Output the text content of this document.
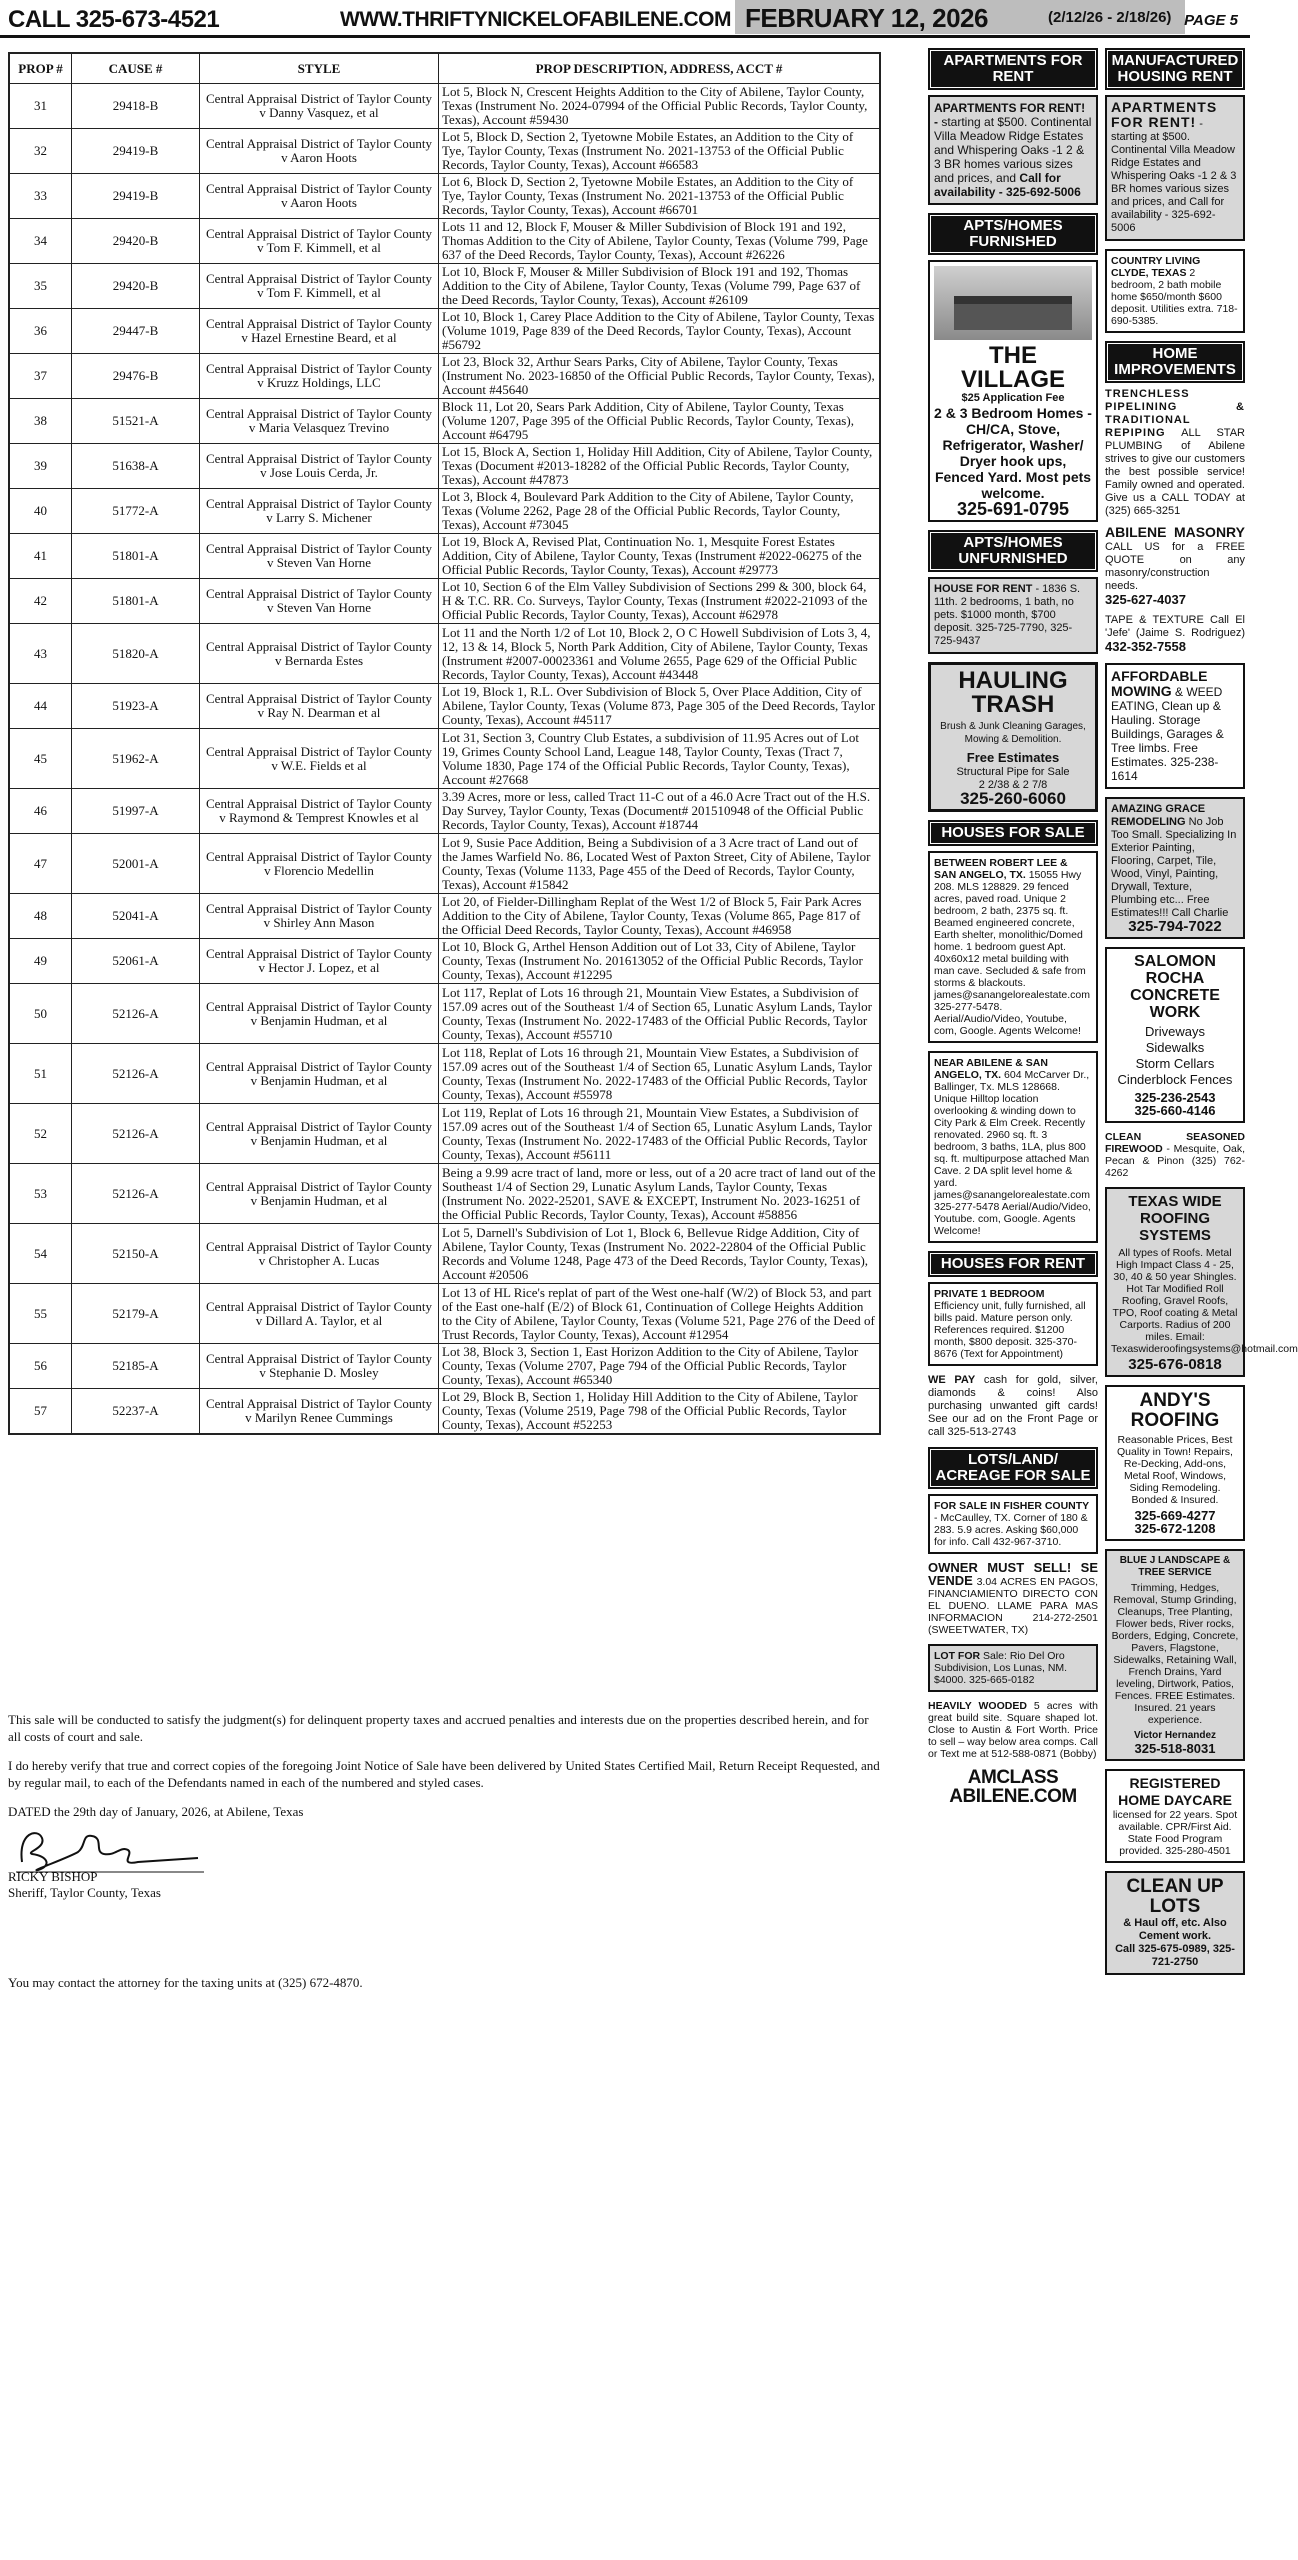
CALL 325-673-4521	WWW.THRIFTYNICKELOFABILENE.COM FEBRUARY 12, 2026	(2/12/26 - 2/18/26) PAGE 5
PROP #	CAUSE #	STYLE	PROP DESCRIPTION, ADDRESS, ACCT #
31	29418-B	Central Appraisal District of Taylor County v Danny Vasquez, et al	Lot 5, Block N, Crescent Heights Addition to the City of Abilene, Taylor County, Texas (Instrument No. 2024-07994 of the Official Public Records, Taylor County, Texas), Account #59430
32	29419-B	Central Appraisal District of Taylor County v Aaron Hoots	Lot 5, Block D, Section 2, Tyetowne Mobile Estates, an Addition to the City of Tye, Taylor County, Texas (Instrument No. 2021-13753 of the Official Public Records, Taylor County, Texas), Account #66583
33	29419-B	Central Appraisal District of Taylor County v Aaron Hoots	Lot 6, Block D, Section 2, Tyetowne Mobile Estates, an Addition to the City of Tye, Taylor County, Texas (Instrument No. 2021-13753 of the Official Public Records, Taylor County, Texas), Account #66701
34	29420-B	Central Appraisal District of Taylor County v Tom F. Kimmell, et al	Lots 11 and 12, Block F, Mouser & Miller Subdivision of Block 191 and 192, Thomas Addition to the City of Abilene, Taylor County, Texas (Volume 799, Page 637 of the Deed Records, Taylor County, Texas), Account #26226
35	29420-B	Central Appraisal District of Taylor County v Tom F. Kimmell, et al	Lot 10, Block F, Mouser & Miller Subdivision of Block 191 and 192, Thomas Addition to the City of Abilene, Taylor County, Texas (Volume 799, Page 637 of the Deed Records, Taylor County, Texas), Account #26109
36	29447-B	Central Appraisal District of Taylor County v Hazel Ernestine Beard, et al	Lot 10, Block 1, Carey Place Addition to the City of Abilene, Taylor County, Texas (Volume 1019, Page 839 of the Deed Records, Taylor County, Texas), Account #56792
37	29476-B	Central Appraisal District of Taylor County v Kruzz Holdings, LLC	Lot 23, Block 32, Arthur Sears Parks, City of Abilene, Taylor County, Texas (Instrument No. 2023-16850 of the Official Public Records, Taylor County, Texas), Account #45640
38	51521-A	Central Appraisal District of Taylor County v Maria Velasquez Trevino	Block 11, Lot 20, Sears Park Addition, City of Abilene, Taylor County, Texas (Volume 1207, Page 395 of the Official Public Records, Taylor County, Texas), Account #64795
39	51638-A	Central Appraisal District of Taylor County v Jose Louis Cerda, Jr.	Lot 15, Block A, Section 1, Holiday Hill Addition, City of Abilene, Taylor County, Texas (Document #2013-18282 of the Official Public Records, Taylor County, Texas), Account #47873
40	51772-A	Central Appraisal District of Taylor County v Larry S. Michener	Lot 3, Block 4, Boulevard Park Addition to the City of Abilene, Taylor County, Texas (Volume 2262, Page 28 of the Official Public Records, Taylor County, Texas), Account #73045
41	51801-A	Central Appraisal District of Taylor County v Steven Van Horne	Lot 19, Block A, Revised Plat, Continuation No. 1, Mesquite Forest Estates Addition, City of Abilene, Taylor County, Texas (Instrument #2022-06275 of the Official Public Records, Taylor County, Texas), Account #29773
42	51801-A	Central Appraisal District of Taylor County v Steven Van Horne	Lot 10, Section 6 of the Elm Valley Subdivision of Sections 299 & 300, block 64, H & T.C. RR. Co. Surveys, Taylor County, Texas (Instrument #2022-21093 of the Official Public Records, Taylor County, Texas), Account #62978
43	51820-A	Central Appraisal District of Taylor County v Bernarda Estes	Lot 11 and the North 1/2 of Lot 10, Block 2, O C Howell Subdivision of Lots 3, 4, 12, 13 & 14, Block 5, North Park Addition, City of Abilene, Taylor County, Texas (Instrument #2007-00023361 and Volume 2655, Page 629 of the Official Public Records, Taylor County, Texas), Account #43448
44	51923-A	Central Appraisal District of Taylor County v Ray N. Dearman et al	Lot 19, Block 1, R.L. Over Subdivision of Block 5, Over Place Addition, City of Abilene, Taylor County, Texas (Volume 873, Page 305 of the Deed Records, Taylor County, Texas), Account #45117
45	51962-A	Central Appraisal District of Taylor County v W.E. Fields et al	Lot 31, Section 3, Country Club Estates, a subdivision of 11.95 Acres out of Lot 19, Grimes County School Land, League 148, Taylor County, Texas (Tract 7, Volume 1830, Page 174 of the Official Public Records, Taylor County, Texas), Account #27668
46	51997-A	Central Appraisal District of Taylor County v Raymond & Temprest Knowles et al	3.39 Acres, more or less, called Tract 11-C out of a 46.0 Acre Tract out of the H.S. Day Survey, Taylor County, Texas (Document# 201510948 of the Official Public Records, Taylor County, Texas), Account #18744
47	52001-A	Central Appraisal District of Taylor County v Florencio Medellin	Lot 9, Susie Pace Addition, Being a Subdivision of a 3 Acre tract of Land out of the James Warfield No. 86, Located West of Paxton Street, City of Abilene, Taylor County, Texas (Volume 1133, Page 455 of the Deed of Records, Taylor County, Texas), Account #15842
48	52041-A	Central Appraisal District of Taylor County v Shirley Ann Mason	Lot 20, of Fielder-Dillingham Replat of the West 1/2 of Block 5, Fair Park Acres Addition to the City of Abilene, Taylor County, Texas (Volume 865, Page 817 of the Official Deed Records, Taylor County, Texas), Account #46958
49	52061-A	Central Appraisal District of Taylor County v Hector J. Lopez, et al	Lot 10, Block G, Arthel Henson Addition out of Lot 33, City of Abilene, Taylor County, Texas (Instrument No. 201613052 of the Official Public Records, Taylor County, Texas), Account #12295
50	52126-A	Central Appraisal District of Taylor County v Benjamin Hudman, et al	Lot 117, Replat of Lots 16 through 21, Mountain View Estates, a Subdivision of 157.09 acres out of the Southeast 1/4 of Section 65, Lunatic Asylum Lands, Taylor County, Texas (Instrument No. 2022-17483 of the Official Public Records, Taylor County, Texas), Account #55710
51	52126-A	Central Appraisal District of Taylor County v Benjamin Hudman, et al	Lot 118, Replat of Lots 16 through 21, Mountain View Estates, a Subdivision of 157.09 acres out of the Southeast 1/4 of Section 65, Lunatic Asylum Lands, Taylor County, Texas (Instrument No. 2022-17483 of the Official Public Records, Taylor County, Texas), Account #55978
52	52126-A	Central Appraisal District of Taylor County v Benjamin Hudman, et al	Lot 119, Replat of Lots 16 through 21, Mountain View Estates, a Subdivision of 157.09 acres out of the Southeast 1/4 of Section 65, Lunatic Asylum Lands, Taylor County, Texas (Instrument No. 2022-17483 of the Official Public Records, Taylor County, Texas), Account #56111
53	52126-A	Central Appraisal District of Taylor County v Benjamin Hudman, et al	Being a 9.99 acre tract of land, more or less, out of a 20 acre tract of land out of the Southeast 1/4 of Section 29, Lunatic Asylum Lands, Taylor County, Texas (Instrument No. 2022-25201, SAVE & EXCEPT, Instrument No. 2023-16251 of the Official Public Records, Taylor County, Texas), Account #58856
54	52150-A	Central Appraisal District of Taylor County v Christopher A. Lucas	Lot 5, Darnell's Subdivision of Lot 1, Block 6, Bellevue Ridge Addition, City of Abilene, Taylor County, Texas (Instrument No. 2022-22804 of the Official Public Records and Volume 1248, Page 473 of the Deed Records, Taylor County, Texas), Account #20506
55	52179-A	Central Appraisal District of Taylor County v Dillard A. Taylor, et al	Lot 13 of HL Rice's replat of part of the West one-half (W/2) of Block 53, and part of the East one-half (E/2) of Block 61, Continuation of College Heights Addition to the City of Abilene, Taylor County, Texas (Volume 521, Page 276 of the Deed of Trust Records, Taylor County, Texas), Account #12954
56	52185-A	Central Appraisal District of Taylor County v Stephanie D. Mosley	Lot 38, Block 3, Section 1, East Horizon Addition to the City of Abilene, Taylor County, Texas (Volume 2707, Page 794 of the Official Public Records, Taylor County, Texas), Account #65340
57	52237-A	Central Appraisal District of Taylor County v Marilyn Renee Cummings	Lot 29, Block B, Section 1, Holiday Hill Addition to the City of Abilene, Taylor County, Texas (Volume 2519, Page 798 of the Official Public Records, Taylor County, Texas), Account #52253

This sale will be conducted to satisfy the judgment(s) for delinquent property taxes and accrued penalties and interests due on the properties described herein, and for all costs of court and sale.

I do hereby verify that true and correct copies of the foregoing Joint Notice of Sale have been delivered by United States Certified Mail, Return Receipt Requested, and by regular mail, to each of the Defendants named in each of the numbered and styled cases.

DATED the 29th day of January, 2026, at Abilene, Texas

RICKY BISHOP
Sheriff, Taylor County, Texas
You may contact the attorney for the taxing units at (325) 672-4870.
APARTMENTS FOR RENT
APARTMENTS FOR RENT! - starting at $500. Continental Villa Meadow Ridge Estates and Whispering Oaks -1 2 & 3 BR homes various sizes and prices, and Call for availability - 325-692-5006
APTS/HOMES FURNISHED
THE VILLAGE
$25 Application Fee
2 & 3 Bedroom Homes - CH/CA, Stove, Refrigerator, Washer/ Dryer hook ups, Fenced Yard. Most pets welcome.
325-691-0795
APTS/HOMES UNFURNISHED
HOUSE FOR RENT - 1836 S. 11th. 2 bedrooms, 1 bath, no pets. $1000 month, $700 deposit. 325-725-7790, 325-725-9437
HAULING TRASH
Brush & Junk Cleaning Garages, Mowing & Demolition.
Free Estimates
Structural Pipe for Sale
2 2/38 & 2 7/8
325-260-6060
HOUSES FOR SALE
BETWEEN ROBERT LEE & SAN ANGELO, TX. 15055 Hwy 208. MLS 128829. 29 fenced acres, paved road. Unique 2 bedroom, 2 bath, 2375 sq. ft. Beamed engineered concrete, Earth shelter, monolithic/Domed home. 1 bedroom guest Apt. 40x60x12 metal building with man cave. Secluded & safe from storms & blackouts. james@sanangelorealestate.com 325-277-5478. Aerial/Audio/Video, Youtube, com, Google. Agents Welcome!
NEAR ABILENE & SAN ANGELO, TX. 604 McCarver Dr., Ballinger, Tx. MLS 128668. Unique Hilltop location overlooking & winding down to City Park & Elm Creek. Recently renovated. 2960 sq. ft. 3 bedroom, 3 baths, 1LA, plus 800 sq. ft. multipurpose attached Man Cave. 2 DA split level home & yard. james@sanangelorealestate.com 325-277-5478 Aerial/Audio/Video, Youtube. com, Google. Agents Welcome!
HOUSES FOR RENT
PRIVATE 1 BEDROOM Efficiency unit, fully furnished, all bills paid. Mature person only. References required. $1200 month, $800 deposit. 325-370-8676 (Text for Appointment)
WE PAY cash for gold, silver, diamonds & coins! Also purchasing unwanted gift cards! See our ad on the Front Page or call 325-513-2743
LOTS/LAND/ ACREAGE FOR SALE
FOR SALE IN FISHER COUNTY - McCaulley, TX. Corner of 180 & 283. 5.9 acres. Asking $60,000 for info. Call 432-967-3710.
OWNER MUST SELL! SE VENDE 3.04 ACRES EN PAGOS, FINANCIAMIENTO DIRECTO CON EL DUENO. LLAME PARA MAS INFORMACION 214-272-2501 (SWEETWATER, TX)
LOT FOR Sale: Rio Del Oro Subdivision, Los Lunas, NM. $4000. 325-665-0182
HEAVILY WOODED 5 acres with great build site. Square shaped lot. Close to Austin & Fort Worth. Price to sell – way below area comps. Call or Text me at 512-588-0871 (Bobby)
AMCLASS
ABILENE.COM
MANUFACTURED HOUSING RENT
APARTMENTS FOR RENT! - starting at $500. Continental Villa Meadow Ridge Estates and Whispering Oaks -1 2 & 3 BR homes various sizes and prices, and Call for availability - 325-692-5006
COUNTRY LIVING CLYDE, TEXAS 2 bedroom, 2 bath mobile home $650/month $600 deposit. Utilities extra. 718-690-5385.
HOME IMPROVEMENTS
TRENCHLESS PIPELINING & TRADITIONAL REPIPING ALL STAR PLUMBING of Abilene strives to give our customers the best possible service! Family owned and operated. Give us a CALL TODAY at (325) 665-3251
ABILENE MASONRY CALL US for a FREE QUOTE on any masonry/construction needs.
325-627-4037
TAPE & TEXTURE Call El 'Jefe' (Jaime S. Rodriguez) 432-352-7558
AFFORDABLE MOWING & WEED EATING, Clean up & Hauling. Storage Buildings, Garages & Tree limbs. Free Estimates. 325-238-1614
AMAZING GRACE REMODELING No Job Too Small. Specializing In Exterior Painting, Flooring, Carpet, Tile, Wood, Vinyl, Painting, Drywall, Texture, Plumbing etc... Free Estimates!!! Call Charlie
325-794-7022
SALOMON ROCHA CONCRETE WORK
Driveways
Sidewalks
Storm Cellars
Cinderblock Fences
325-236-2543
325-660-4146
CLEAN SEASONED FIREWOOD - Mesquite, Oak, Pecan & Pinon (325) 762-4262
TEXAS WIDE ROOFING SYSTEMS
All types of Roofs. Metal High Impact Class 4 - 25, 30, 40 & 50 year Shingles. Hot Tar Modified Roll Roofing, Gravel Roofs, TPO, Roof coating & Metal Carports. Radius of 200 miles. Email: Texaswideroofingsystems@hotmail.com
325-676-0818
ANDY'S ROOFING
Reasonable Prices, Best Quality in Town! Repairs, Re-Decking, Add-ons, Metal Roof, Windows, Siding Remodeling. Bonded & Insured.
325-669-4277
325-672-1208
BLUE J LANDSCAPE & TREE SERVICE
Trimming, Hedges, Removal, Stump Grinding, Cleanups, Tree Planting, Flower beds, River rocks, Borders, Edging, Concrete, Pavers, Flagstone, Sidewalks, Retaining Wall, French Drains, Yard leveling, Dirtwork, Patios, Fences. FREE Estimates. Insured. 21 years experience.
Victor Hernandez
325-518-8031
REGISTERED HOME DAYCARE
licensed for 22 years. Spot available. CPR/First Aid. State Food Program provided. 325-280-4501
CLEAN UP LOTS
& Haul off, etc. Also Cement work.
Call 325-675-0989, 325-721-2750
